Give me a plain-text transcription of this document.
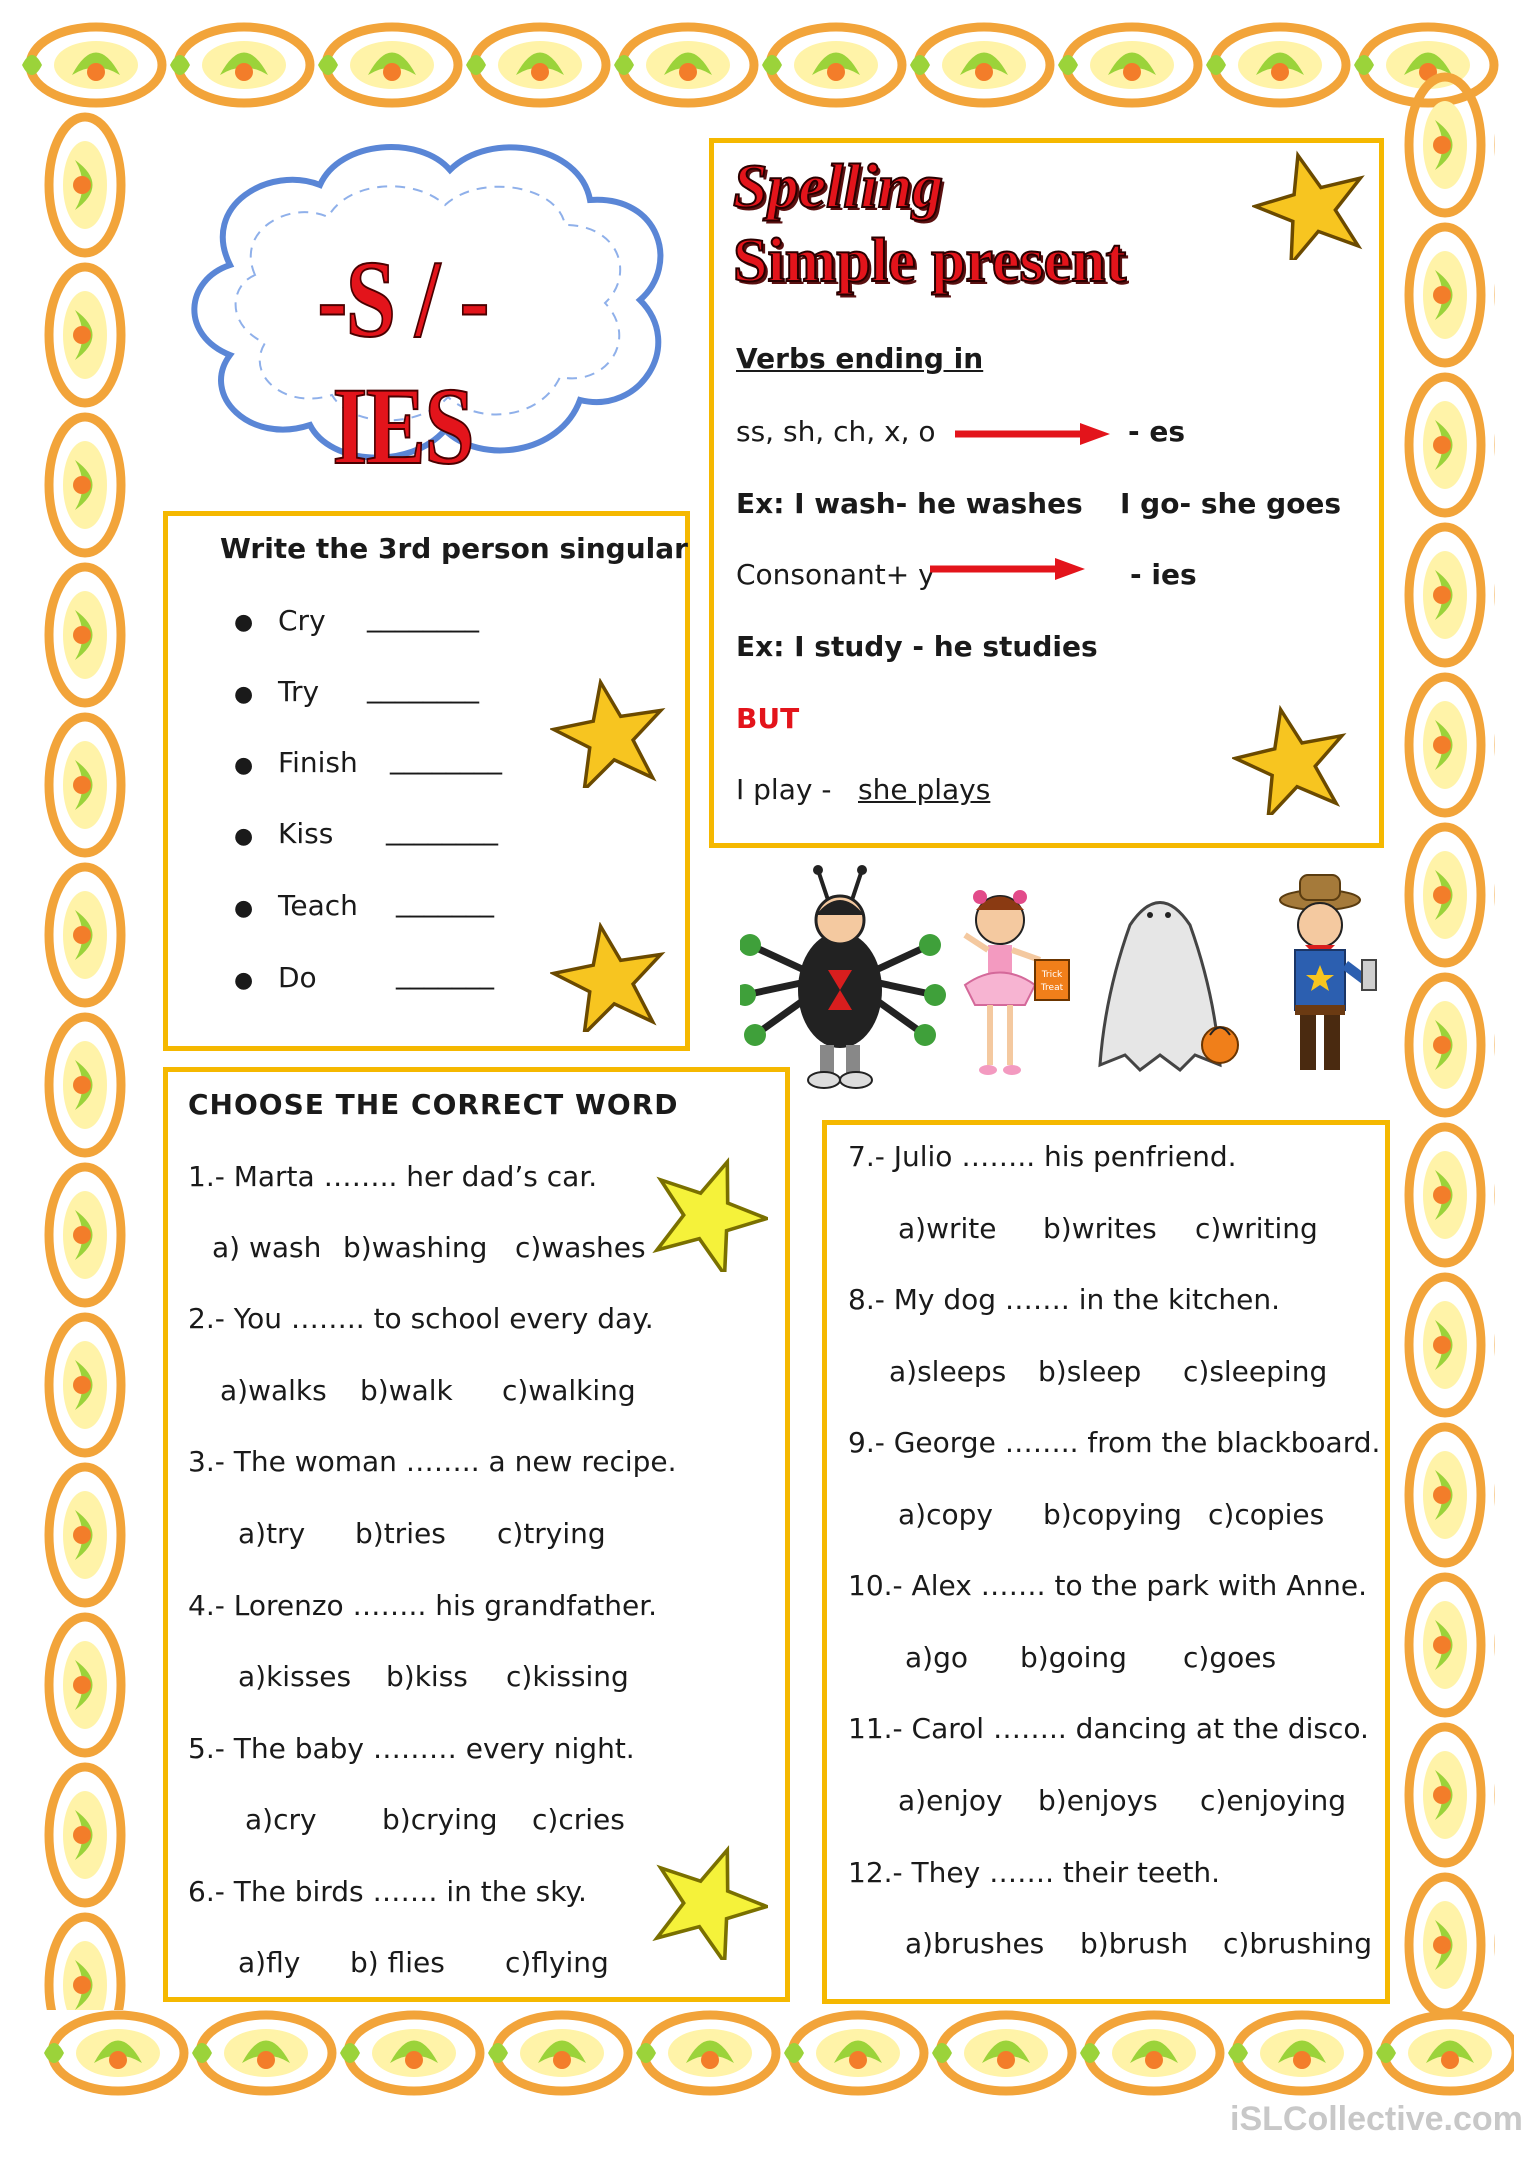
-S / -IES
Spelling
Simple present
Verbs ending in
ss, sh, ch, x, o	- es
Ex: I wash- he washes I go- she goes
Consonant+ y	- ies
Ex: I study - he studies
BUT
I play - she plays
Write the 3rd person singular
● Cry ________
● Try ________
● Finish ________
● Kiss ________
● Teach _______
● Do	_______	Trick
Treat
CHOOSE THE CORRECT WORD
1.- Marta …….. her dad’s car.
a) wash b)washing c)washes
2.- You …….. to school every day.
a)walks b)walk c)walking
3.- The woman …….. a new recipe.
a)try b)tries c)trying
4.- Lorenzo …….. his grandfather.
a)kisses b)kiss c)kissing
5.- The baby ……… every night.
a)cry b)crying c)cries
6.- The birds ……. in the sky.
a)fly b) flies c)flying
7.- Julio …….. his penfriend.
a)write b)writes c)writing
8.- My dog ……. in the kitchen.
a)sleeps b)sleep c)sleeping
9.- George …….. from the blackboard.
a)copy b)copying c)copies
10.- Alex ……. to the park with Anne.
a)go b)going c)goes
11.- Carol …….. dancing at the disco.
a)enjoy b)enjoys c)enjoying
12.- They ……. their teeth.
a)brushes b)brush c)brushing
iSLCollective.com
